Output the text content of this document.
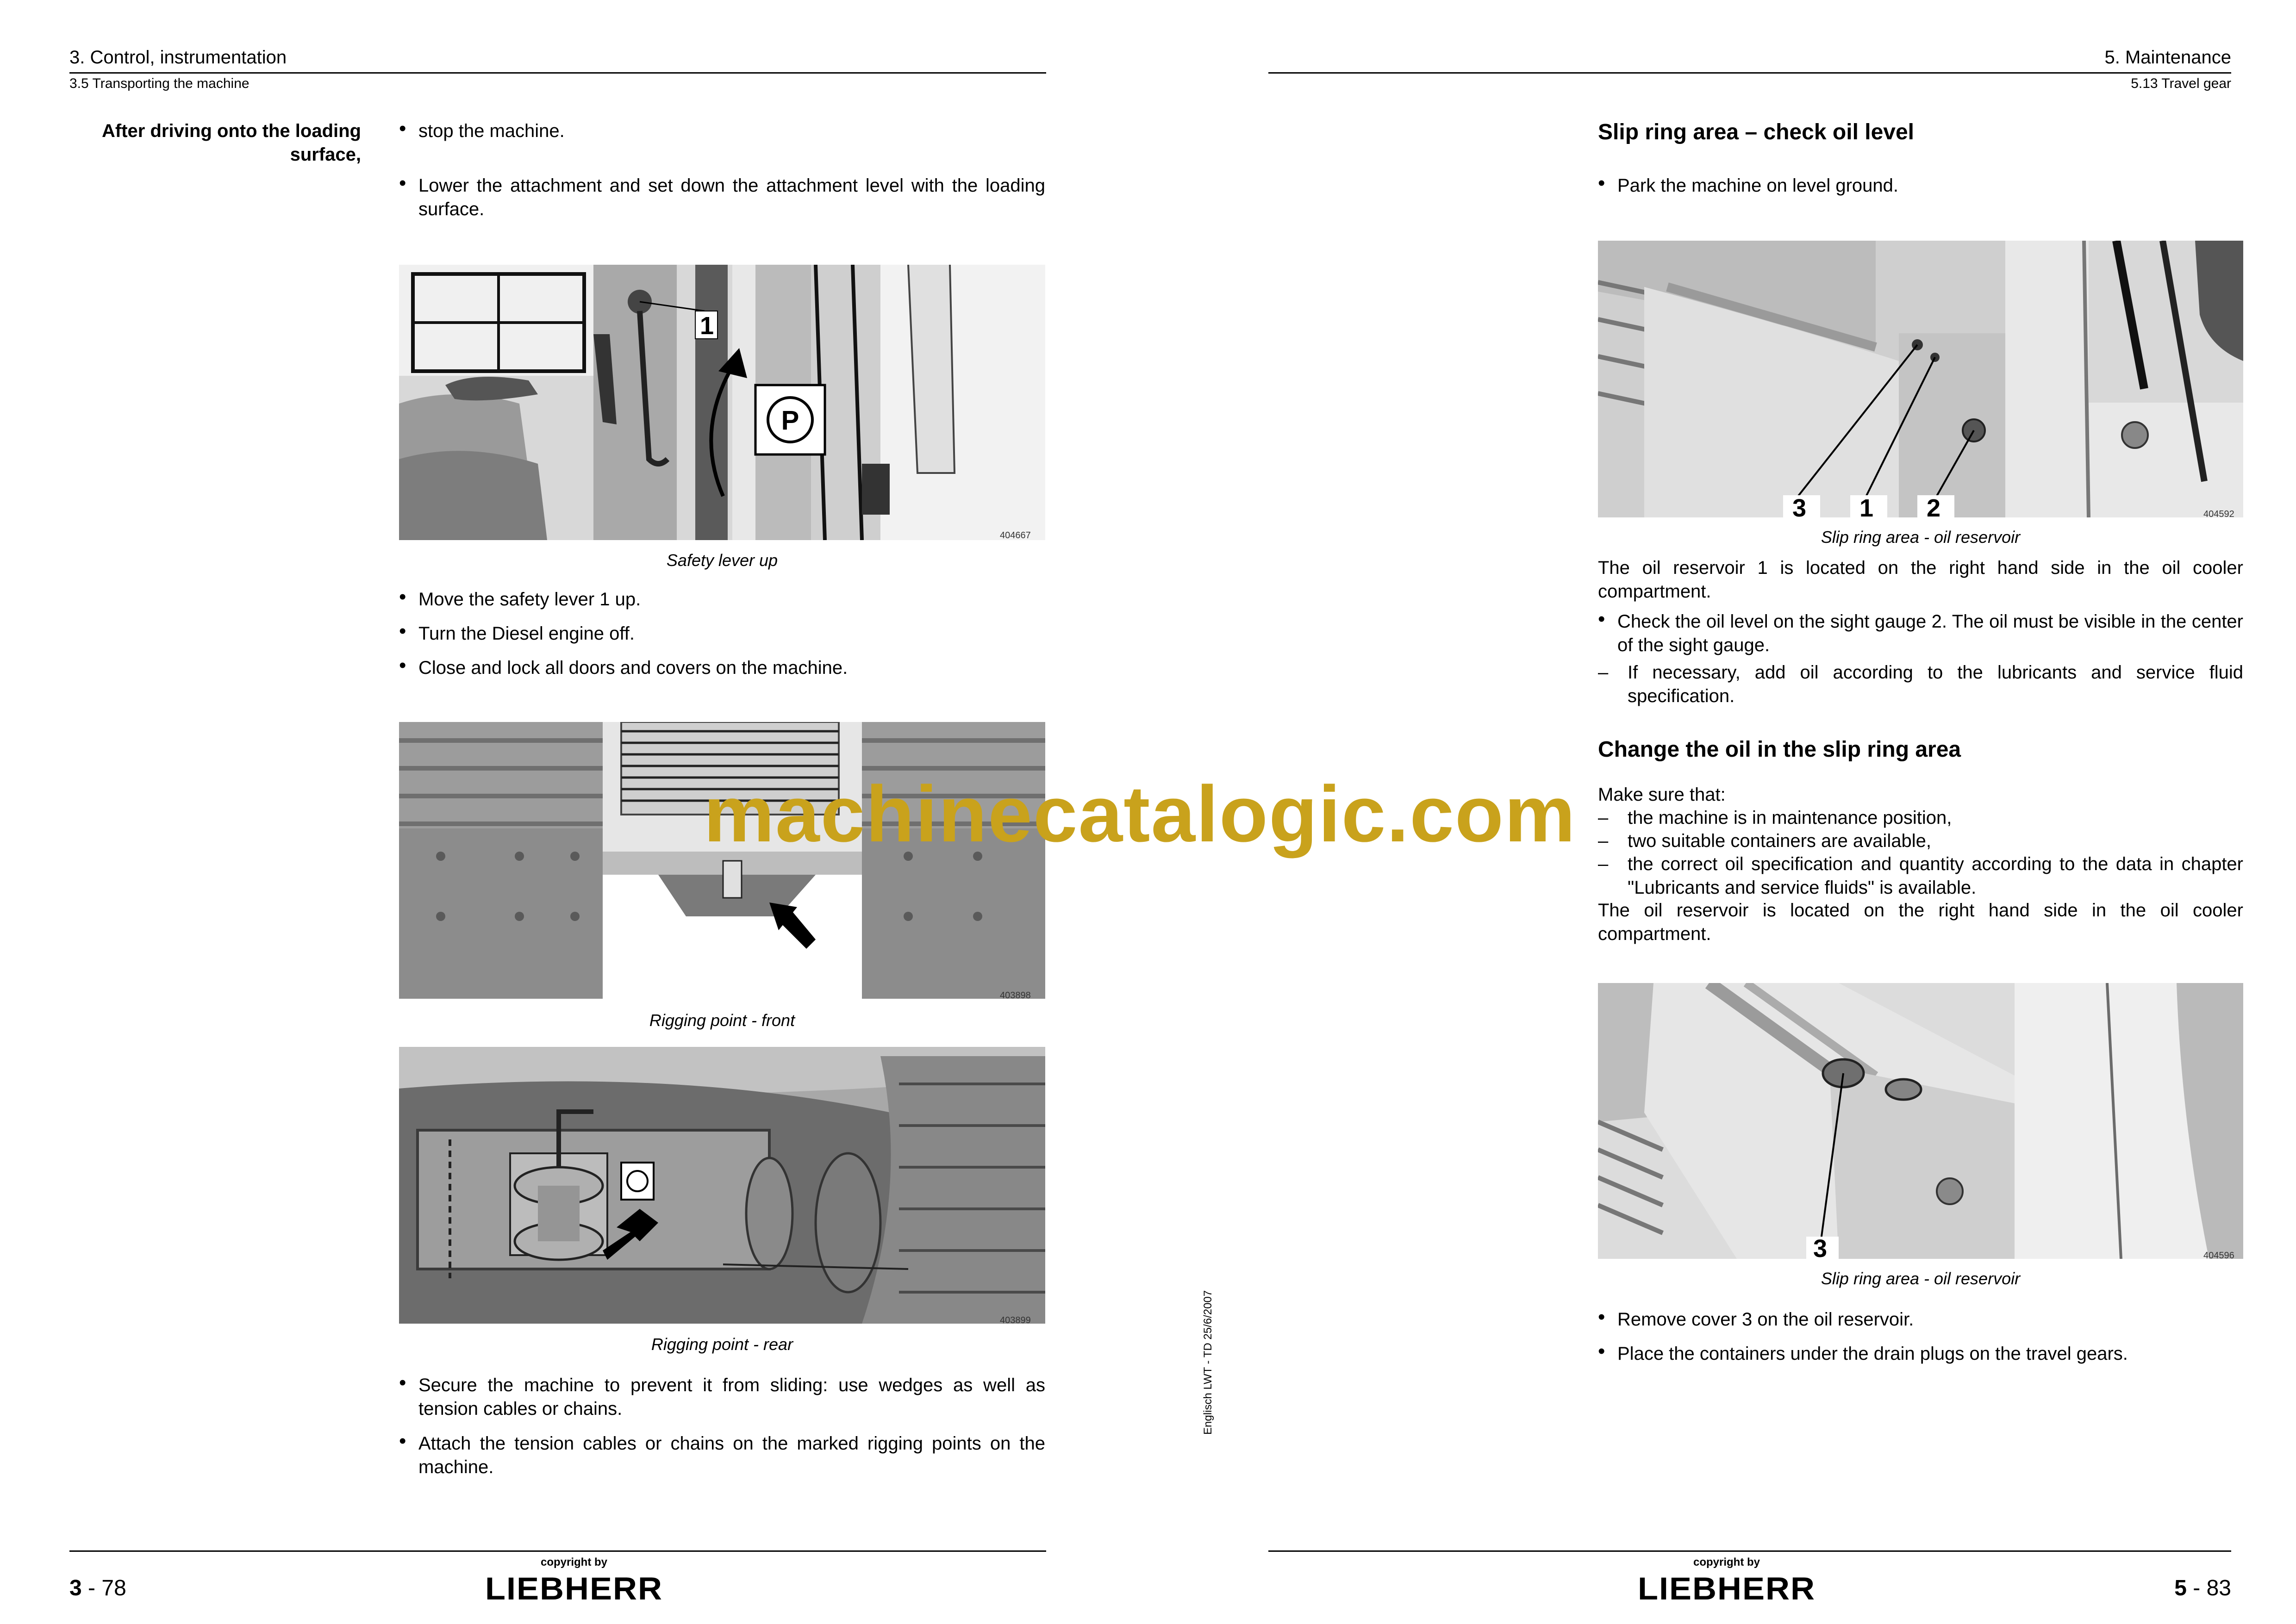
3. Control, instrumentation
3.5 Transporting the machine
After driving onto the loading surface,
• stop the machine.
• Lower the attachment and set down the attachment level with the loading surface.
1
P
404667
Safety lever up
• Move the safety lever 1 up.
• Turn the Diesel engine off.
• Close and lock all doors and covers on the machine.
403898
Rigging point - front
403899
Rigging point - rear
• Secure the machine to prevent it from sliding: use wedges as well as tension cables or chains.
• Attach the tension cables or chains on the marked rigging points on the machine.
copyright by
LIEBHERR
3 - 78
Englisch LWT - TD 25/6/2007
5. Maintenance
5.13 Travel gear
Slip ring area – check oil level
• Park the machine on level ground.
3 1 2	404592
Slip ring area - oil reservoir
The oil reservoir 1 is located on the right hand side in the oil cooler compartment.
• Check the oil level on the sight gauge 2. The oil must be visible in the center of the sight gauge.
– If necessary, add oil according to the lubricants and service fluid specification.
Change the oil in the slip ring area
Make sure that:
– the machine is in maintenance position,
– two suitable containers are available,
– the correct oil specification and quantity according to the data in chapter "Lubricants and service fluids" is available.
The oil reservoir is located on the right hand side in the oil cooler compartment.
3	404596
Slip ring area - oil reservoir
• Remove cover 3 on the oil reservoir.
• Place the containers under the drain plugs on the travel gears.
copyright by
LIEBHERR	5 - 83
machinecatalogic.com
